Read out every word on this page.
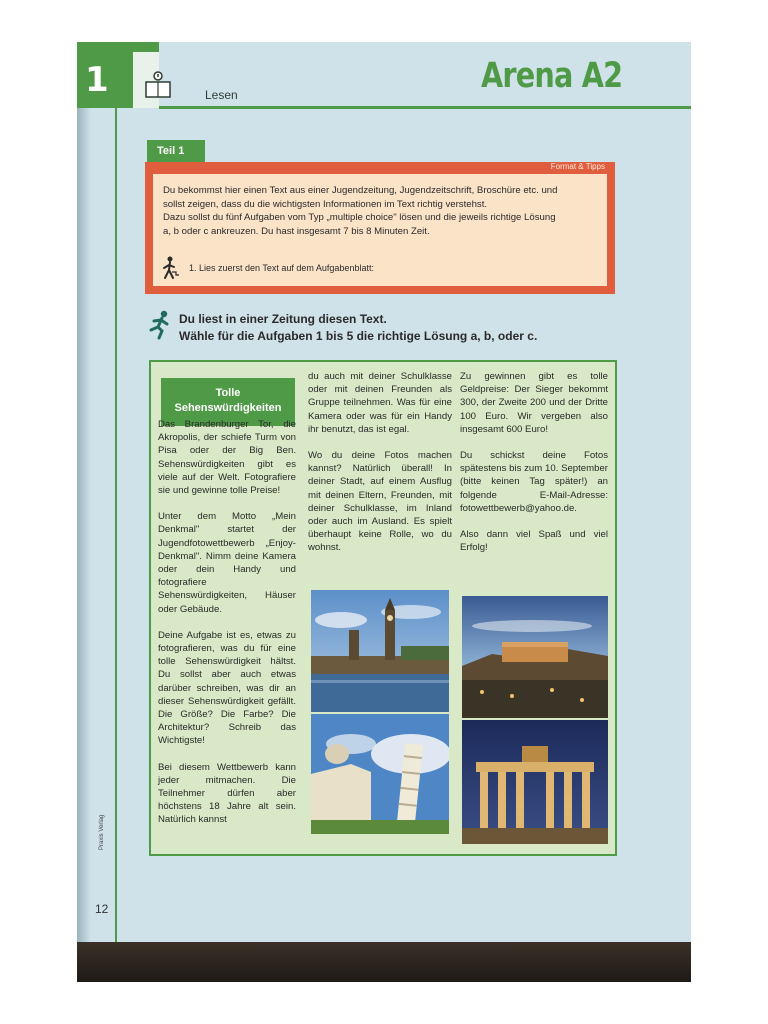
1	Lesen	Arena A2
Teil 1
Format & Tipps
Du bekommst hier einen Text aus einer Jugendzeitung, Jugendzeitschrift, Broschüre etc. und
sollst zeigen, dass du die wichtigsten Informationen im Text richtig verstehst.
Dazu sollst du fünf Aufgaben vom Typ „multiple choice" lösen und die jeweils richtige Lösung
a, b oder c ankreuzen. Du hast insgesamt 7 bis 8 Minuten Zeit.
1. Lies zuerst den Text auf dem Aufgabenblatt:
Du liest in einer Zeitung diesen Text.
Wähle für die Aufgaben 1 bis 5 die richtige Lösung a, b, oder c.
Tolle
Sehenswürdigkeiten

Das Brandenburger Tor, die Akropolis, der schiefe Turm von Pisa oder der Big Ben. Sehenswürdigkeiten gibt es viele auf der Welt. Fotografiere sie und gewinne tolle Preise!

Unter dem Motto „Mein Denkmal" startet der Jugendfotowettbewerb „Enjoy-Denkmal". Nimm deine Kamera oder dein Handy und fotografiere Sehenswürdigkeiten, Häuser oder Gebäude.

Deine Aufgabe ist es, etwas zu fotografieren, was du für eine tolle Sehenswürdigkeit hältst. Du sollst aber auch etwas darüber schreiben, was dir an dieser Sehenswürdigkeit gefällt. Die Größe? Die Farbe? Die Architektur? Schreib das Wichtigste!

Bei diesem Wettbewerb kann jeder mitmachen. Die Teilnehmer dürfen aber höchstens 18 Jahre alt sein. Natürlich kannst

du auch mit deiner Schulklasse oder mit deinen Freunden als Gruppe teilnehmen. Was für eine Kamera oder was für ein Handy ihr benutzt, das ist egal.

Wo du deine Fotos machen kannst? Natürlich überall! In deiner Stadt, auf einem Ausflug mit deinen Eltern, Freunden, mit deiner Schulklasse, im Inland oder auch im Ausland. Es spielt überhaupt keine Rolle, wo du wohnst.

Zu gewinnen gibt es tolle Geldpreise: Der Sieger bekommt 300, der Zweite 200 und der Dritte 100 Euro. Wir vergeben also insgesamt 600 Euro!

Du schickst deine Fotos spätestens bis zum 10. September (bitte keinen Tag später!) an folgende E-Mail-Adresse: fotowettbewerb@yahoo.de.

Also dann viel Spaß und viel Erfolg!

Praxis Verlag
12
